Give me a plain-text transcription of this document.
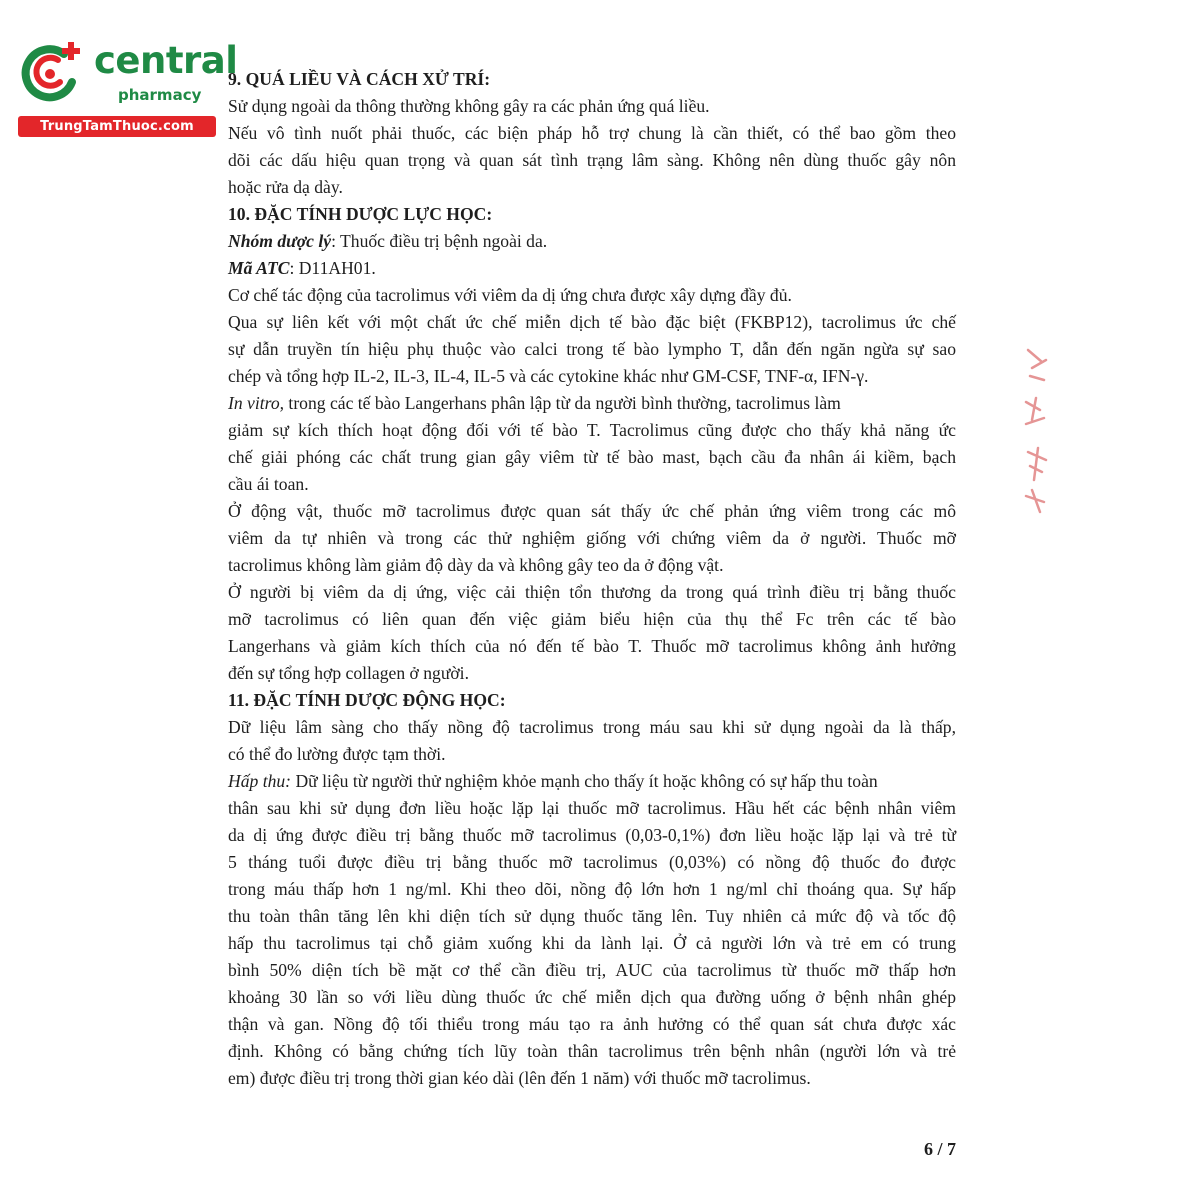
central
pharmacy
TrungTamThuoc.com
9. QUÁ LIỀU VÀ CÁCH XỬ TRÍ:
Sử dụng ngoài da thông thường không gây ra các phản ứng quá liều.
Nếu vô tình nuốt phải thuốc, các biện pháp hỗ trợ chung là cần thiết, có thể bao gồm theo
dõi các dấu hiệu quan trọng và quan sát tình trạng lâm sàng. Không nên dùng thuốc gây nôn
hoặc rửa dạ dày.
10. ĐẶC TÍNH DƯỢC LỰC HỌC:
Nhóm dược lý: Thuốc điều trị bệnh ngoài da.
Mã ATC: D11AH01.
Cơ chế tác động của tacrolimus với viêm da dị ứng chưa được xây dựng đầy đủ.
Qua sự liên kết với một chất ức chế miễn dịch tế bào đặc biệt (FKBP12), tacrolimus ức chế
sự dẫn truyền tín hiệu phụ thuộc vào calci trong tế bào lympho T, dẫn đến ngăn ngừa sự sao
chép và tổng hợp IL-2, IL-3, IL-4, IL-5 và các cytokine khác như GM-CSF, TNF-α, IFN-γ.
In vitro, trong các tế bào Langerhans phân lập từ da người bình thường, tacrolimus làm
giảm sự kích thích hoạt động đối với tế bào T. Tacrolimus cũng được cho thấy khả năng ức
chế giải phóng các chất trung gian gây viêm từ tế bào mast, bạch cầu đa nhân ái kiềm, bạch
cầu ái toan.
Ở động vật, thuốc mỡ tacrolimus được quan sát thấy ức chế phản ứng viêm trong các mô
viêm da tự nhiên và trong các thử nghiệm giống với chứng viêm da ở người. Thuốc mỡ
tacrolimus không làm giảm độ dày da và không gây teo da ở động vật.
Ở người bị viêm da dị ứng, việc cải thiện tổn thương da trong quá trình điều trị bằng thuốc
mỡ tacrolimus có liên quan đến việc giảm biểu hiện của thụ thể Fc trên các tế bào
Langerhans và giảm kích thích của nó đến tế bào T. Thuốc mỡ tacrolimus không ảnh hưởng
đến sự tổng hợp collagen ở người.
11. ĐẶC TÍNH DƯỢC ĐỘNG HỌC:
Dữ liệu lâm sàng cho thấy nồng độ tacrolimus trong máu sau khi sử dụng ngoài da là thấp,
có thể đo lường được tạm thời.
Hấp thu: Dữ liệu từ người thử nghiệm khỏe mạnh cho thấy ít hoặc không có sự hấp thu toàn
thân sau khi sử dụng đơn liều hoặc lặp lại thuốc mỡ tacrolimus. Hầu hết các bệnh nhân viêm
da dị ứng được điều trị bằng thuốc mỡ tacrolimus (0,03-0,1%) đơn liều hoặc lặp lại và trẻ từ
5 tháng tuổi được điều trị bằng thuốc mỡ tacrolimus (0,03%) có nồng độ thuốc đo được
trong máu thấp hơn 1 ng/ml. Khi theo dõi, nồng độ lớn hơn 1 ng/ml chỉ thoáng qua. Sự hấp
thu toàn thân tăng lên khi diện tích sử dụng thuốc tăng lên. Tuy nhiên cả mức độ và tốc độ
hấp thu tacrolimus tại chỗ giảm xuống khi da lành lại. Ở cả người lớn và trẻ em có trung
bình 50% diện tích bề mặt cơ thể cần điều trị, AUC của tacrolimus từ thuốc mỡ thấp hơn
khoảng 30 lần so với liều dùng thuốc ức chế miễn dịch qua đường uống ở bệnh nhân ghép
thận và gan. Nồng độ tối thiểu trong máu tạo ra ảnh hưởng có thể quan sát chưa được xác
định. Không có bằng chứng tích lũy toàn thân tacrolimus trên bệnh nhân (người lớn và trẻ
em) được điều trị trong thời gian kéo dài (lên đến 1 năm) với thuốc mỡ tacrolimus.
6 / 7
